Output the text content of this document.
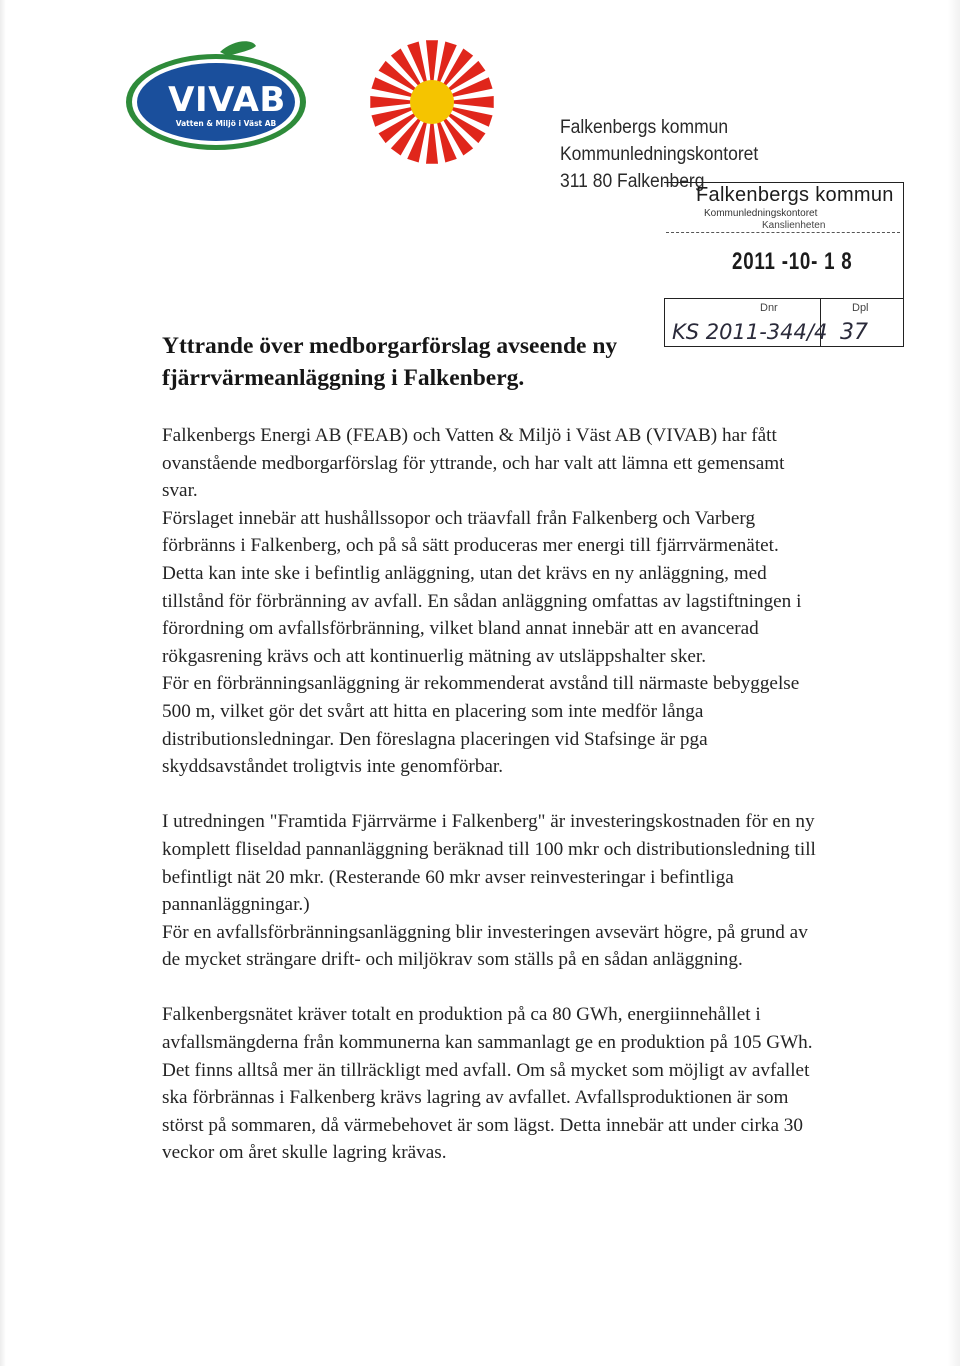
VIVAB
Vatten & Miljö i Väst AB	Falkenbergs kommun
Kommunledningskontoret
311 80 Falkenberg
Falkenbergs kommun
Kommunledningskontoret
Kanslienheten
2011 -10- 1 8
Dnr	Dpl
KS 2011-344/4 37
Yttrande över medborgarförslag avseende ny fjärrvärmeanläggning i Falkenberg.

Falkenbergs Energi AB (FEAB) och Vatten & Miljö i Väst AB (VIVAB) har fått ovanstående medborgarförslag för yttrande, och har valt att lämna ett gemensamt svar.

Förslaget innebär att hushållssopor och träavfall från Falkenberg och Varberg förbränns i Falkenberg, och på så sätt produceras mer energi till fjärrvärmenätet. Detta kan inte ske i befintlig anläggning, utan det krävs en ny anläggning, med tillstånd för förbränning av avfall. En sådan anläggning omfattas av lagstiftningen i förordning om avfallsförbränning, vilket bland annat innebär att en avancerad rökgasrening krävs och att kontinuerlig mätning av utsläppshalter sker.

För en förbränningsanläggning är rekommenderat avstånd till närmaste bebyggelse 500 m, vilket gör det svårt att hitta en placering som inte medför långa distributionsledningar. Den föreslagna placeringen vid Stafsinge är pga skyddsavståndet troligtvis inte genomförbar.

I utredningen "Framtida Fjärrvärme i Falkenberg" är investeringskostnaden för en ny komplett fliseldad pannanläggning beräknad till 100 mkr och distributionsledning till befintligt nät 20 mkr. (Resterande 60 mkr avser reinvesteringar i befintliga pannanläggningar.)

För en avfallsförbränningsanläggning blir investeringen avsevärt högre, på grund av de mycket strängare drift- och miljökrav som ställs på en sådan anläggning.

Falkenbergsnätet kräver totalt en produktion på ca 80 GWh, energiinnehållet i avfallsmängderna från kommunerna kan sammanlagt ge en produktion på 105 GWh. Det finns alltså mer än tillräckligt med avfall. Om så mycket som möjligt av avfallet ska förbrännas i Falkenberg krävs lagring av avfallet. Avfallsproduktionen är som störst på sommaren, då värmebehovet är som lägst. Detta innebär att under cirka 30 veckor om året skulle lagring krävas.
